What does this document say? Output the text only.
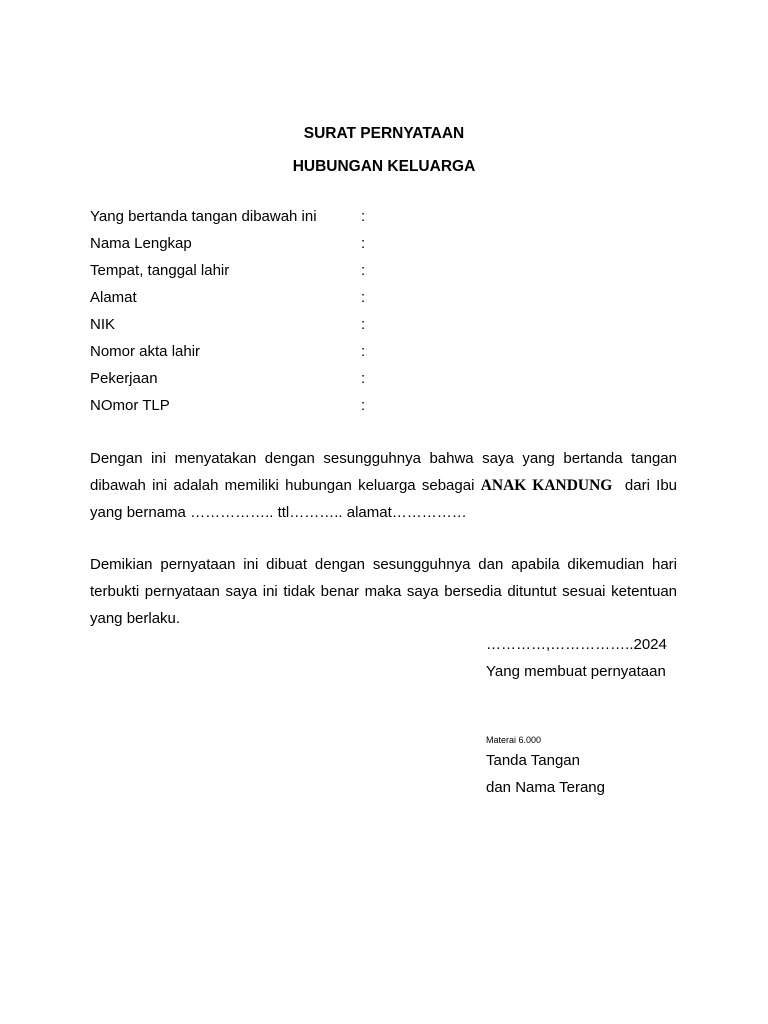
SURAT PERNYATAAN
HUBUNGAN KELUARGA
Yang bertanda tangan dibawah ini	:
Nama Lengkap	:
Tempat, tanggal lahir	:
Alamat	:
NIK	:
Nomor akta lahir	:
Pekerjaan	:
NOmor TLP	:
Dengan ini menyatakan dengan sesungguhnya bahwa saya yang bertanda tangan
dibawah ini adalah memiliki hubungan keluarga sebagai ANAK KANDUNG dari Ibu
yang bernama …………….. ttl……….. alamat……………
Demikian pernyataan ini dibuat dengan sesungguhnya dan apabila dikemudian hari
terbukti pernyataan saya ini tidak benar maka saya bersedia dituntut sesuai ketentuan
yang berlaku.
…………,……………..2024
Yang membuat pernyataan
Materai 6.000
Tanda Tangan
dan Nama Terang
